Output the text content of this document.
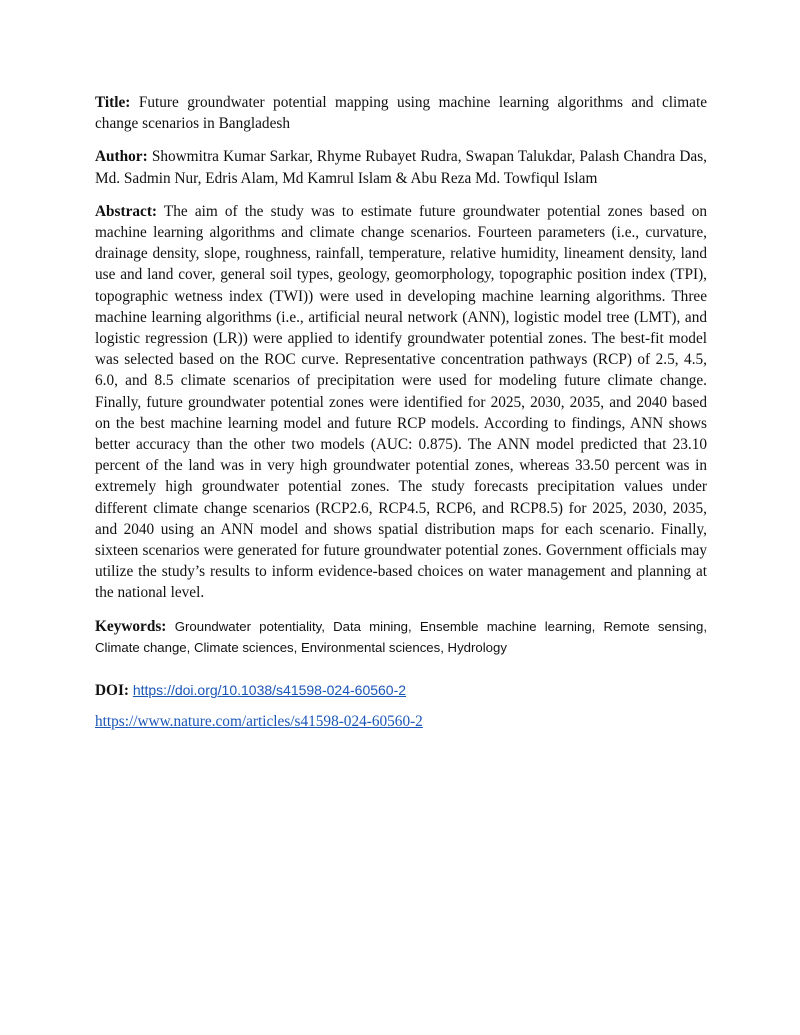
Title: Future groundwater potential mapping using machine learning algorithms and climate change scenarios in Bangladesh

Author: Showmitra Kumar Sarkar, Rhyme Rubayet Rudra, Swapan Talukdar, Palash Chandra Das, Md. Sadmin Nur, Edris Alam, Md Kamrul Islam & Abu Reza Md. Towfiqul Islam

Abstract: The aim of the study was to estimate future groundwater potential zones based on machine learning algorithms and climate change scenarios. Fourteen parameters (i.e., curvature, drainage density, slope, roughness, rainfall, temperature, relative humidity, lineament density, land use and land cover, general soil types, geology, geomorphology, topographic position index (TPI), topographic wetness index (TWI)) were used in developing machine learning algorithms. Three machine learning algorithms (i.e., artificial neural network (ANN), logistic model tree (LMT), and logistic regression (LR)) were applied to identify groundwater potential zones. The best-fit model was selected based on the ROC curve. Representative concentration pathways (RCP) of 2.5, 4.5, 6.0, and 8.5 climate scenarios of precipitation were used for modeling future climate change. Finally, future groundwater potential zones were identified for 2025, 2030, 2035, and 2040 based on the best machine learning model and future RCP models. According to findings, ANN shows better accuracy than the other two models (AUC: 0.875). The ANN model predicted that 23.10 percent of the land was in very high groundwater potential zones, whereas 33.50 percent was in extremely high groundwater potential zones. The study forecasts precipitation values under different climate change scenarios (RCP2.6, RCP4.5, RCP6, and RCP8.5) for 2025, 2030, 2035, and 2040 using an ANN model and shows spatial distribution maps for each scenario. Finally, sixteen scenarios were generated for future groundwater potential zones. Government officials may utilize the study’s results to inform evidence-based choices on water management and planning at the national level.

Keywords: Groundwater potentiality, Data mining, Ensemble machine learning, Remote sensing, Climate change, Climate sciences, Environmental sciences, Hydrology

DOI: https://doi.org/10.1038/s41598-024-60560-2

https://www.nature.com/articles/s41598-024-60560-2
